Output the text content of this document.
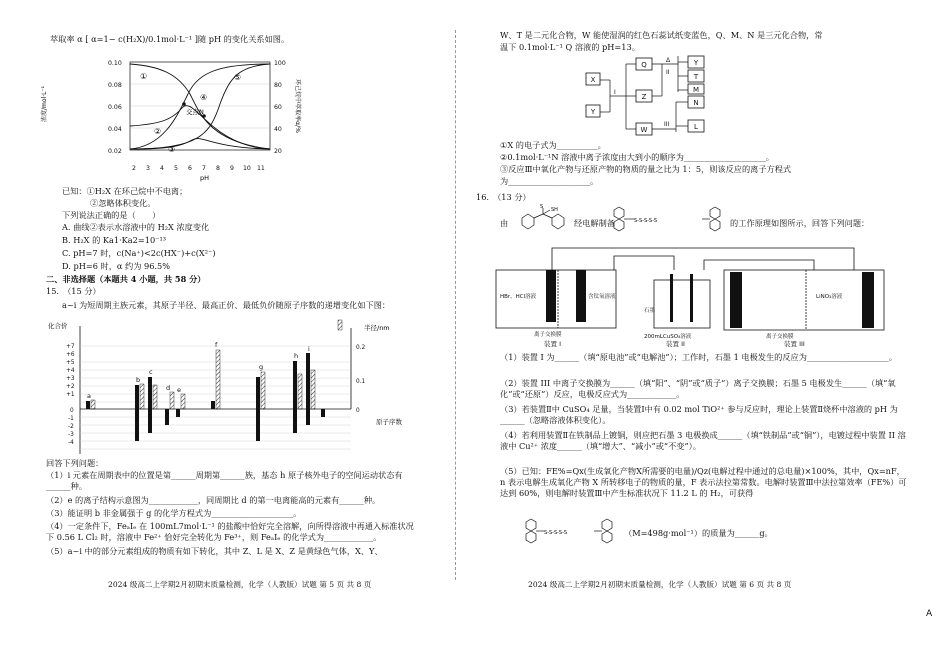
萃取率 α [ α=1− c(H₂X)/0.1mol·L⁻¹ ]随 pH 的变化关系如图。
0.10
0.08
0.06
0.04
0.02
100
80
60
40
20
2 3 4 5 6 7 8 9 10 11
pH
浓度/mol·L⁻¹	环己烷中萃取率α/%
交点N
①
②
③
④
⑤
已知：①H₂X 在环己烷中不电离；
②忽略体积变化。
下列说法正确的是（　　）
A. 曲线②表示水溶液中的 H₂X 浓度变化
B. H₂X 的 Ka1·Ka2=10⁻¹³
C. pH=7 时，c(Na⁺)<2c(HX⁻)+c(X²⁻)
D. pH=6 时，α 约为 96.5%
二、非选择题（本题共 4 小题，共 58 分）
15.　（15 分）
a~i 为短周期主族元素，其原子半径、最高正价、最低负价随原子序数的递增变化如下图：
化合价	半径/nm
原子序数
+7
+6
+5
+4
+3
+2
+1
0
-1
-2
-3
-4
0.2
0.1
0
a
b
c
d e
f
g
h
i
回答下列问题：
（1）i 元素在周期表中的位置是第______周期第______族，基态 h 原子核外电子的空间运动状态有______种。
（2）e 的离子结构示意图为____________，同周期比 d 的第一电离能高的元素有______种。
（3）能证明 b 非金属强于 g 的化学方程式为____________________。
（4）一定条件下，FeₐIₑ 在 100mL7mol·L⁻¹ 的盐酸中恰好完全溶解，向所得溶液中再通入标准状况下 0.56 L Cl₂ 时，溶液中 Fe²⁺ 恰好完全转化为 Fe³⁺，则 FeₐIₑ 的化学式为____________。
（5）a~i 中的部分元素组成的物质有如下转化，其中 Z、L 是 X、Z 是黄绿色气体，X、Y、
2024 级高二上学期2月初期末质量检测，化学（人教版）试题 第 5 页 共 8 页
W、T 是二元化合物，W 能使湿润的红色石蕊试纸变蓝色，Q、M、N 是三元化合物，常
温下 0.1mol·L⁻¹ Q 溶液的 pH=13。
X
Y
Q
Z
W
Y
T
M
N
L
I
Δ
II
III
①X 的电子式为__________。
②0.1mol·L⁻¹N 溶液中离子浓度由大到小的顺序为____________________。
③反应Ⅲ中氧化产物与还原产物的物质的量之比为 1：5，则该反应的离子方程式
为____________________。
16.　（13 分）
由
S SH
经电解制备	S-S-S-S-S	的工作原理如图所示，回答下列问题：
HBr、HCl溶液	含钛氧溶液
石墨
LiNO₃溶液
离子交换膜	200mLCuSO₄溶液	离子交换膜
装置 I	装置 II	装置 III
（1）装置 I 为______（填“原电池”或“电解池”）；工作时，石墨 1 电极发生的反应为____________________。
（2）装置 III 中离子交换膜为______（填“阳”、“阴”或“质子”）离子交换膜；石墨 5 电极发生______（填“氧化”或“还原”）反应，电极反应式为____________。
（3）若装置Ⅱ中 CuSO₄ 足量，当装置Ⅰ中有 0.02 mol TiO²⁺ 参与反应时，理论上装置Ⅱ烧杯中溶液的 pH 为______（忽略溶液体积变化）。
（4）若利用装置Ⅱ在铁制品上镀铜，则应把石墨 3 电极换成______（填“铁制品”或“铜”），电镀过程中装置 II 溶液中 Cu²⁺ 浓度______（填“增大”、“减小”或“不变”）。
（5）已知：FE%=Qx(生成氧化产物X所需要的电量)/Qz(电解过程中通过的总电量)×100%，其中，Qx=nF，n 表示电解生成氧化产物 X 所转移电子的物质的量，F 表示法拉第常数。电解时装置Ⅲ中法拉第效率（FE%）可达到 60%，则电解时装置Ⅲ中产生标准状况下 11.2 L 的 H₂，可获得
S-S-S-S-S	（M=498g·mol⁻¹）的质量为______g。
2024 级高二上学期2月初期末质量检测，化学（人教版）试题 第 6 页 共 8 页
A
